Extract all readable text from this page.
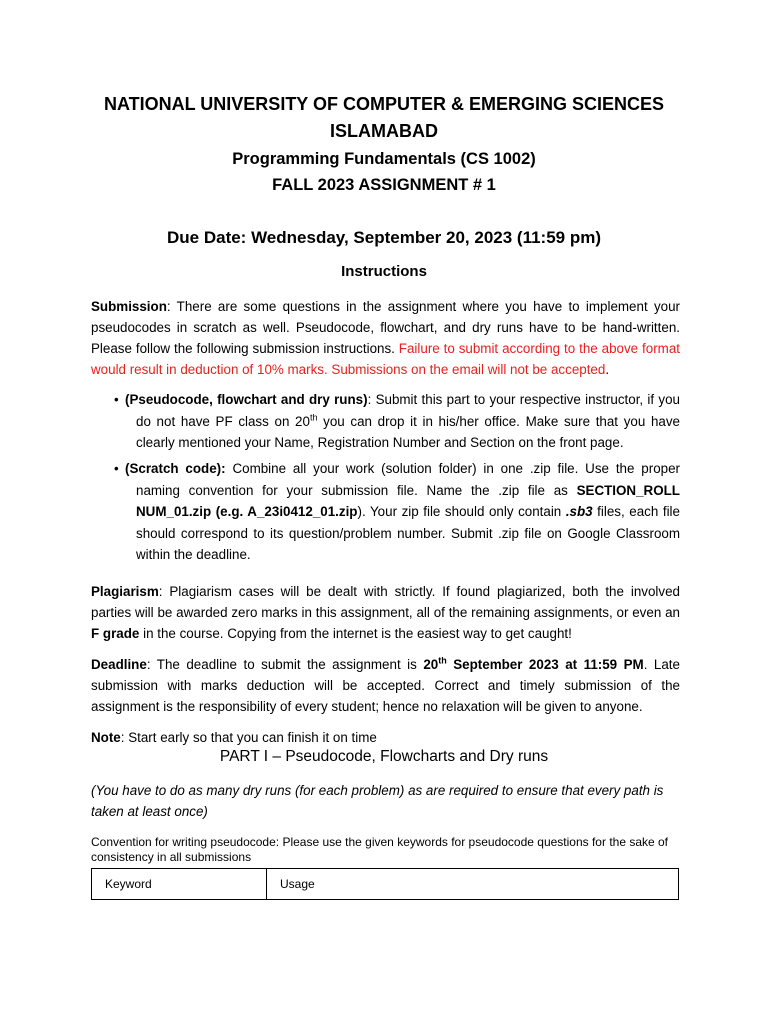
NATIONAL UNIVERSITY OF COMPUTER & EMERGING SCIENCES
ISLAMABAD
Programming Fundamentals (CS 1002)
FALL 2023 ASSIGNMENT # 1
Due Date: Wednesday, September 20, 2023 (11:59 pm)
Instructions
Submission: There are some questions in the assignment where you have to implement your pseudocodes in scratch as well. Pseudocode, flowchart, and dry runs have to be hand-written. Please follow the following submission instructions. Failure to submit according to the above format would result in deduction of 10% marks. Submissions on the email will not be accepted.
• (Pseudocode, flowchart and dry runs): Submit this part to your respective instructor, if you do not have PF class on 20th you can drop it in his/her office. Make sure that you have clearly mentioned your Name, Registration Number and Section on the front page.
• (Scratch code): Combine all your work (solution folder) in one .zip file. Use the proper naming convention for your submission file. Name the .zip file as SECTION_ROLL NUM_01.zip (e.g. A_23i0412_01.zip). Your zip file should only contain .sb3 files, each file should correspond to its question/problem number. Submit .zip file on Google Classroom within the deadline.
Plagiarism: Plagiarism cases will be dealt with strictly. If found plagiarized, both the involved parties will be awarded zero marks in this assignment, all of the remaining assignments, or even an F grade in the course. Copying from the internet is the easiest way to get caught!
Deadline: The deadline to submit the assignment is 20th September 2023 at 11:59 PM. Late submission with marks deduction will be accepted. Correct and timely submission of the assignment is the responsibility of every student; hence no relaxation will be given to anyone.
Note: Start early so that you can finish it on time
PART I – Pseudocode, Flowcharts and Dry runs
(You have to do as many dry runs (for each problem) as are required to ensure that every path is taken at least once)
Convention for writing pseudocode: Please use the given keywords for pseudocode questions for the sake of consistency in all submissions
Keyword	Usage
